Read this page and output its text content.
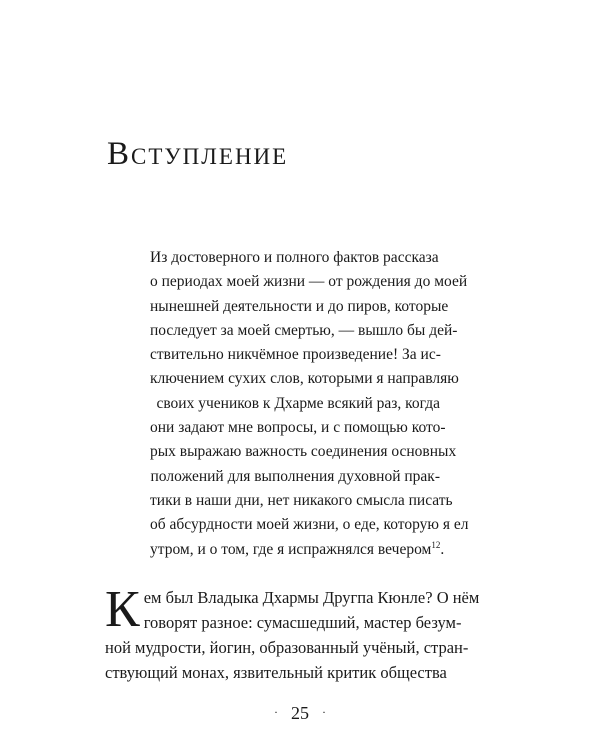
Вступление
Из достоверного и полного фактов рассказа
о периодах моей жизни — от рождения до моей
нынешней деятельности и до пиров, которые
последует за моей смертью, — вышло бы дей-
ствительно никчёмное произведение! За ис-
ключением сухих слов, которыми я направляю
своих учеников к Дхарме всякий раз, когда
они задают мне вопросы, и с помощью кото-
рых выражаю важность соединения основных
положений для выполнения духовной прак-
тики в наши дни, нет никакого смысла писать
об абсурдности моей жизни, о еде, которую я ел
утром, и о том, где я испражнялся вечером$^{12}$.
К ем был Владыка Дхармы Другпа Кюнле? О нём
говорят разное: сумасшедший, мастер безум-
ной мудрости, йогин, образованный учёный, стран-
ствующий монах, язвительный критик общества
· 25 ·
